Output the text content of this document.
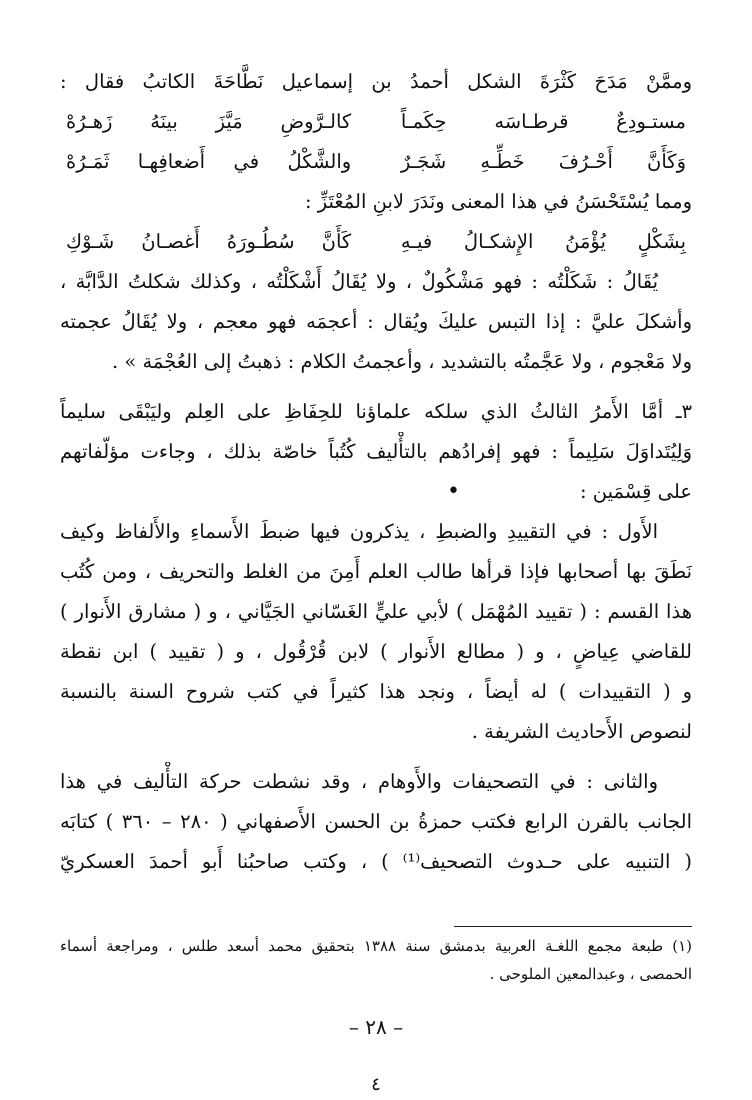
وممَّنْ مَدَحَ كَثْرَةَ الشكل أحمدُ بن إسماعيل نَطَّاحَةَ الكاتبُ فقال :
مستـودِعٌ قرطـاسَه حِكَمـاً
كالـرَّوضِ مَيَّزَ بينَهُ زَهـرُهْ
وَكَأَنَّ أَحْـرُفَ خَطِّـهِ شَجَـرٌ
والشَّكْلُ في أَضعافِهـا ثَمَـرُهْ
ومما يُسْتَحْسَنُ في هذا المعنى ونَدَرَ لابنِ المُعْتَزِّ :
بِشَكْلٍ يُؤْمَنُ الإِشكـالُ فيـهِ
كَأَنَّ سُطُـورَهُ أَغصـانُ شَـوْكِ
يُقَالُ : شَكَلْتُه : فهو مَشْكُولٌ ، ولا يُقَالُ أَشْكَلْتُه ، وكذلك شكلتُ الدَّابَّة ،
وأشكلَ عليَّ : إذا التبس عليكَ ويُقال : أعجمَه فهو معجم ، ولا يُقَالُ عجمته
ولا مَعْجوم ، ولا عَجَّمتُه بالتشديد ، وأعجمتُ الكلام : ذهبتُ إلى العُجْمَة » .
٣ـ أمَّا الأَمرُ الثالثُ الذي سلكه علماؤنا للحِفَاظِ على العِلم وليَبْقَى سليماً
وَلِيُتَداوَلَ سَلِيماً : فهو إفرادُهم بالتأْليف كُتُباً خاصّة بذلك ، وجاءت مؤلّفاتهم
على قِسْمَين :•
الأَول : في التقييدِ والضبطِ ، يذكرون فيها ضبطَ الأَسماءِ والأَلفاظ وكيف
نَطَقَ بها أصحابها فإذا قرأها طالب العلم أَمِنَ من الغلط والتحريف ، ومن كُتُب
هذا القسم : ( تقييد المُهْمَل ) لأبي عليٍّ الغَسّاني الجَيَّاني ، و ( مشارق الأَنوار )
للقاضي عِياضٍ ، و ( مطالع الأَنوار ) لابن قُرْقُول ، و ( تقييد ) ابن نقطة
و ( التقييدات ) له أيضاً ، ونجد هذا كثيراً في كتب شروح السنة بالنسبة
لنصوص الأَحاديث الشريفة .
والثانى : في التصحيفات والأَوهام ، وقد نشطت حركة التأْليف في هذا
الجانب بالقرن الرابع فكتب حمزةُ بن الحسن الأَصفهاني ( ٢٨٠ – ٣٦٠ ) كتابَه
( التنبيه على حـدوث التصحيف⁽¹⁾ ) ، وكتب صاحبُنا أَبو أحمدَ العسكريّ
(١) طبعة مجمع اللغـة العربية بدمشق سنة ١٣٨٨ بتحقيق محمد أسعد طلس ، ومراجعة أسماء
الحمصى ، وعبدالمعين الملوحى .
– ٢٨ –
٤
